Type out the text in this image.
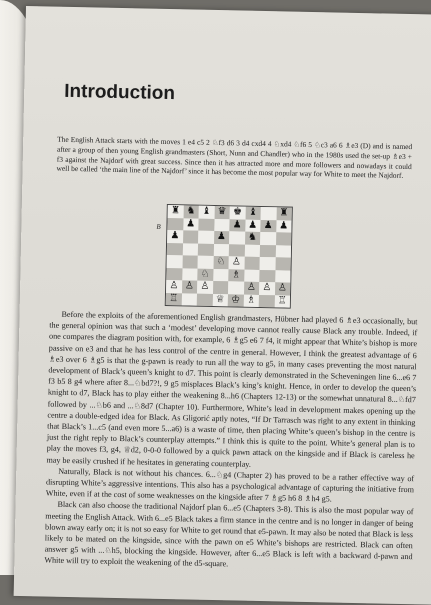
Introduction

The English Attack starts with the moves 1 e4 c5 2 ♘f3 d6 3 d4 cxd4 4 ♘xd4 ♘f6 5 ♘c3 a6 6 ♗e3 (D) and is named after a group of then young English grandmasters (Short, Nunn and Chandler) who in the 1980s used the set-up ♗e3 + f3 against the Najdorf with great success. Since then it has attracted more and more followers and nowadays it could well be called ‘the main line of the Najdorf’ since it has become the most popular way for White to meet the Najdorf.

B
♜ ♞ ♝ ♛ ♚ ♝	♜
♟	♟ ♟ ♟ ♟
♟	♟	♞
♘ ♙
♘	♗
♙ ♙ ♙	♙ ♙ ♙
♖	♕ ♔ ♗	♖

Before the exploits of the aforementioned English grandmasters, Hübner had played 6 ♗e3 occasionally, but the general opinion was that such a ‘modest’ developing move cannot really cause Black any trouble. Indeed, if one compares the diagram position with, for example, 6 ♗g5 e6 7 f4, it might appear that White’s bishop is more passive on e3 and that he has less control of the centre in general. However, I think the greatest advantage of 6 ♗e3 over 6 ♗g5 is that the g-pawn is ready to run all the way to g5, in many cases preventing the most natural development of Black’s queen’s knight to d7. This point is clearly demonstrated in the Scheveningen line 6...e6 7 f3 b5 8 g4 where after 8...♘bd7?!, 9 g5 misplaces Black’s king’s knight. Hence, in order to develop the queen’s knight to d7, Black has to play either the weakening 8...h6 (Chapters 12-13) or the somewhat unnatural 8...♘fd7 followed by ...♘b6 and ...♘8d7 (Chapter 10). Furthermore, White’s lead in development makes opening up the centre a double-edged idea for Black. As Gligorić aptly notes, “If Dr Tarrasch was right to any extent in thinking that Black’s 1...c5 (and even more 5...a6) is a waste of time, then placing White’s queen’s bishop in the centre is just the right reply to Black’s counterplay attempts.” I think this is quite to the point. White’s general plan is to play the moves f3, g4, ♕d2, 0-0-0 followed by a quick pawn attack on the kingside and if Black is careless he may be easily crushed if he hesitates in generating counterplay.

Naturally, Black is not without his chances. 6...♘g4 (Chapter 2) has proved to be a rather effective way of disrupting White’s aggressive intentions. This also has a psychological advantage of capturing the initiative from White, even if at the cost of some weaknesses on the kingside after 7 ♗g5 h6 8 ♗h4 g5.

Black can also choose the traditional Najdorf plan 6...e5 (Chapters 3-8). This is also the most popular way of meeting the English Attack. With 6...e5 Black takes a firm stance in the centre and is no longer in danger of being blown away early on; it is not so easy for White to get round that e5-pawn. It may also be noted that Black is less likely to be mated on the kingside, since with the pawn on e5 White’s bishops are restricted. Black can often answer g5 with ...♘h5, blocking the kingside. However, after 6...e5 Black is left with a backward d-pawn and White will try to exploit the weakening of the d5-square.
